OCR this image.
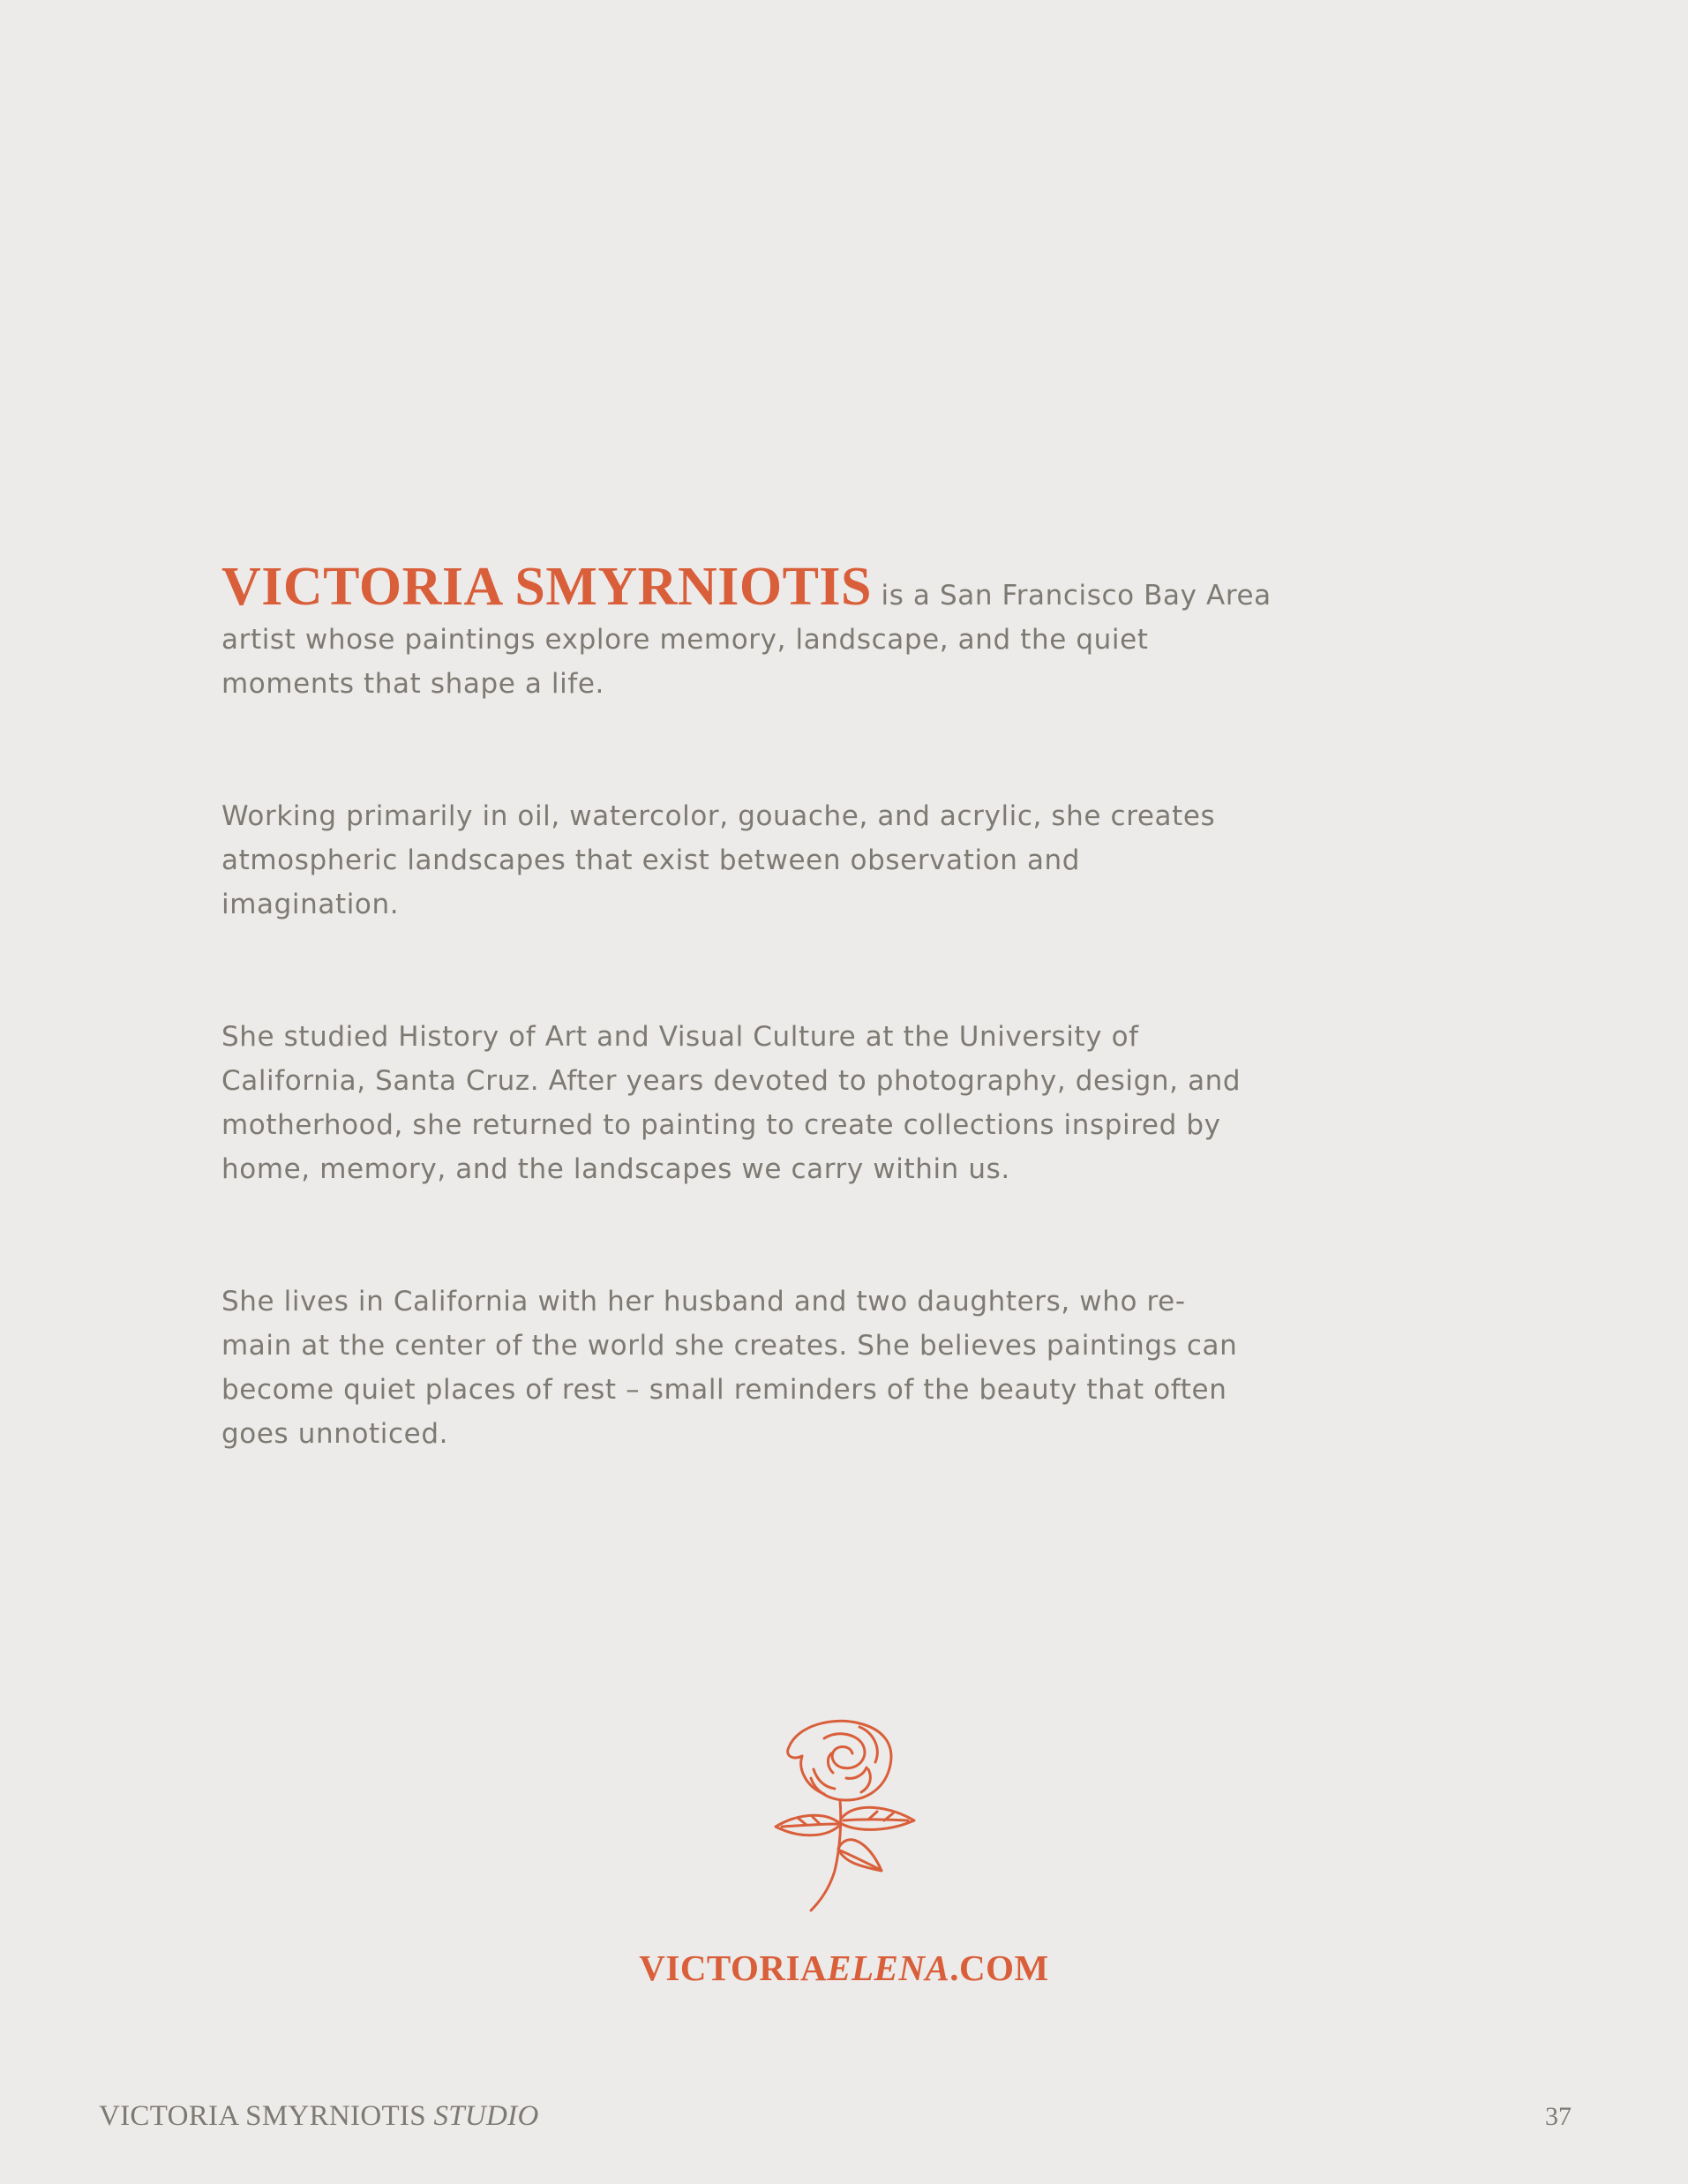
VICTORIA SMYRNIOTIS is a San Francisco Bay Area
artist whose paintings explore memory, landscape, and the quiet
moments that shape a life.

Working primarily in oil, watercolor, gouache, and acrylic, she creates
atmospheric landscapes that exist between observation and
imagination.

She studied History of Art and Visual Culture at the University of
California, Santa Cruz. After years devoted to photography, design, and
motherhood, she returned to painting to create collections inspired by
home, memory, and the landscapes we carry within us.

She lives in California with her husband and two daughters, who re-
main at the center of the world she creates. She believes paintings can
become quiet places of rest – small reminders of the beauty that often
goes unnoticed.

VICTORIAELENA.COM
VICTORIA SMYRNIOTIS STUDIO	37
